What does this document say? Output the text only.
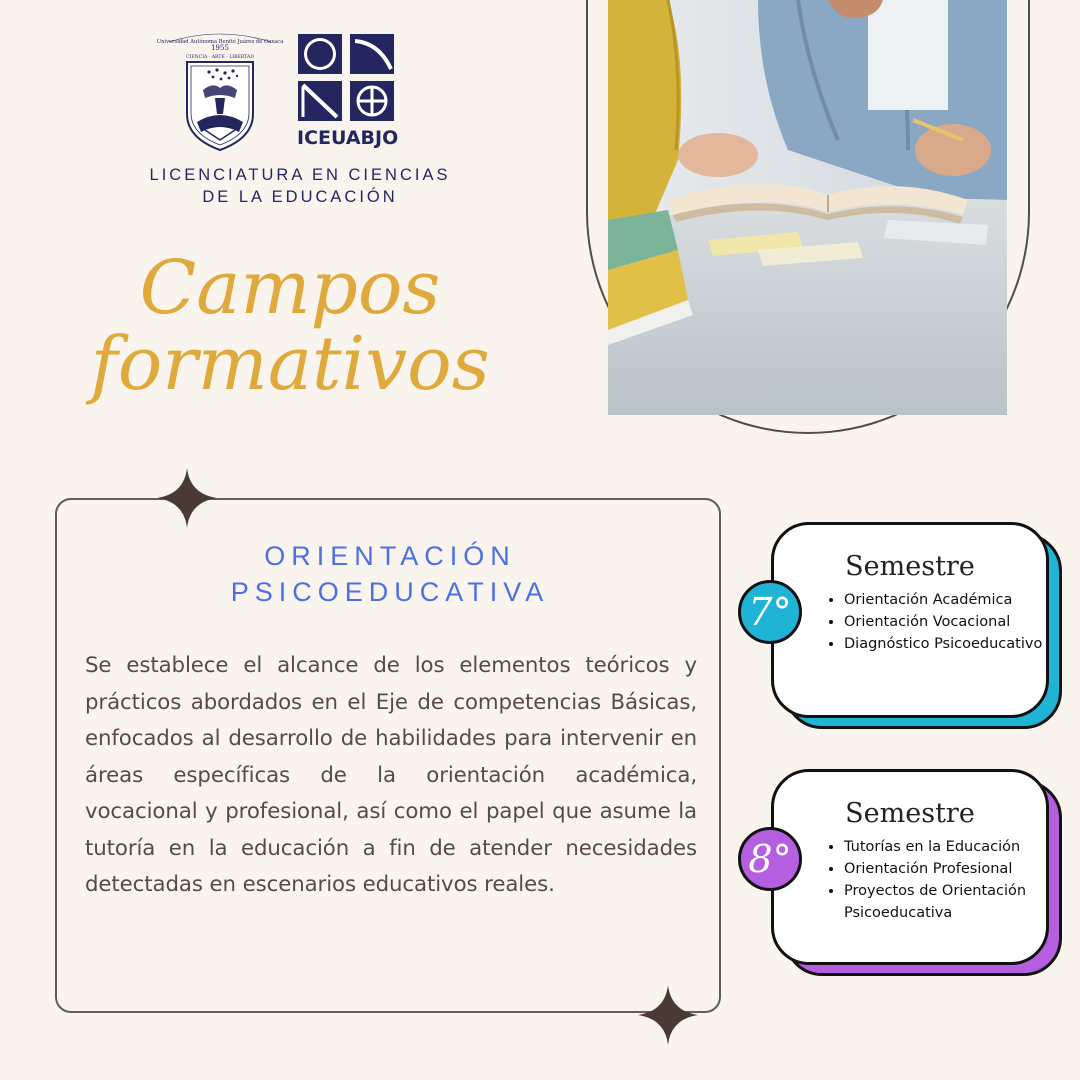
Universidad Autónoma Benito Juárez de Oaxaca
1955
CIENCIA · ARTE · LIBERTAD
ICEUABJO
LICENCIATURA EN CIENCIAS
DE LA EDUCACIÓN
Campos
formativos
ORIENTACIÓN
PSICOEDUCATIVA
Se establece el alcance de los elementos teóricos y prácticos abordados en el Eje de competencias Básicas, enfocados al desarrollo de habilidades para intervenir en áreas específicas de la orientación académica, vocacional y profesional, así como el papel que asume la tutoría en la educación a fin de atender necesidades detectadas en escenarios educativos reales.
Semestre
• Orientación Académica
• Orientación Vocacional
• Diagnóstico Psicoeducativo
7°
Semestre
• Tutorías en la Educación
• Orientación Profesional
• Proyectos de Orientación Psicoeducativa
8°
